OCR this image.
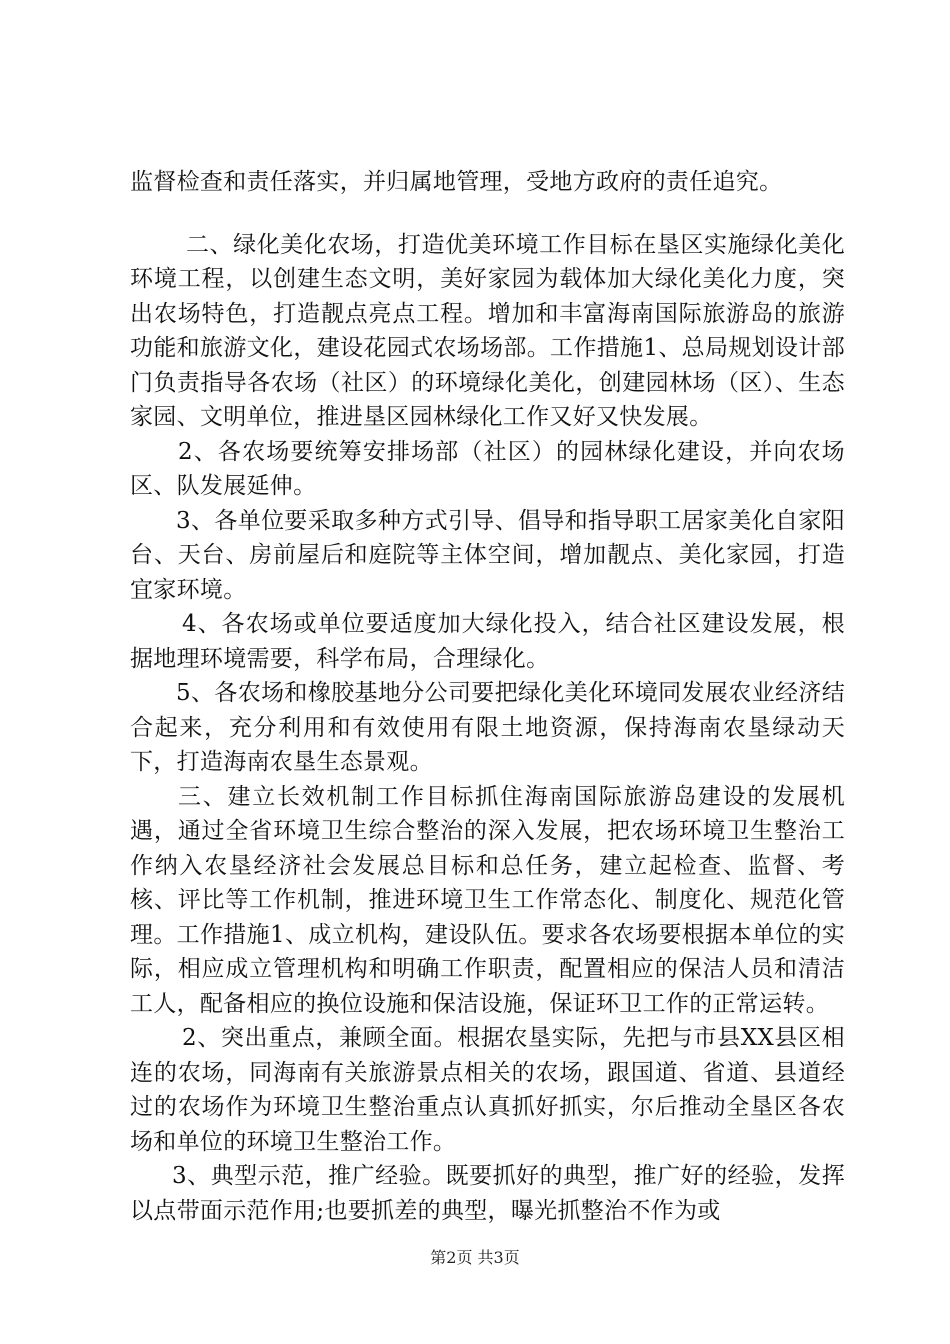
监督检查和责任落实，并归属地管理，受地方政府的责任追究。

二、绿化美化农场，打造优美环境工作目标在垦区实施绿化美化环境工程，以创建生态文明，美好家园为载体加大绿化美化力度，突出农场特色，打造靓点亮点工程。增加和丰富海南国际旅游岛的旅游功能和旅游文化，建设花园式农场场部。工作措施1、总局规划设计部门负责指导各农场（社区）的环境绿化美化，创建园林场（区）、生态家园、文明单位，推进垦区园林绿化工作又好又快发展。

2、各农场要统筹安排场部（社区）的园林绿化建设，并向农场区、队发展延伸。

3、各单位要采取多种方式引导、倡导和指导职工居家美化自家阳台、天台、房前屋后和庭院等主体空间，增加靓点、美化家园，打造宜家环境。

4、各农场或单位要适度加大绿化投入，结合社区建设发展，根据地理环境需要，科学布局，合理绿化。

5、各农场和橡胶基地分公司要把绿化美化环境同发展农业经济结合起来，充分利用和有效使用有限土地资源，保持海南农垦绿动天下，打造海南农垦生态景观。

三、建立长效机制工作目标抓住海南国际旅游岛建设的发展机遇，通过全省环境卫生综合整治的深入发展，把农场环境卫生整治工作纳入农垦经济社会发展总目标和总任务，建立起检查、监督、考核、评比等工作机制，推进环境卫生工作常态化、制度化、规范化管理。工作措施1、成立机构，建设队伍。要求各农场要根据本单位的实际，相应成立管理机构和明确工作职责，配置相应的保洁人员和清洁工人，配备相应的换位设施和保洁设施，保证环卫工作的正常运转。

2、突出重点，兼顾全面。根据农垦实际，先把与市县XX县区相连的农场，同海南有关旅游景点相关的农场，跟国道、省道、县道经过的农场作为环境卫生整治重点认真抓好抓实，尔后推动全垦区各农场和单位的环境卫生整治工作。

3、典型示范，推广经验。既要抓好的典型，推广好的经验，发挥以点带面示范作用;也要抓差的典型，曝光抓整治不作为或

第2页 共3页
